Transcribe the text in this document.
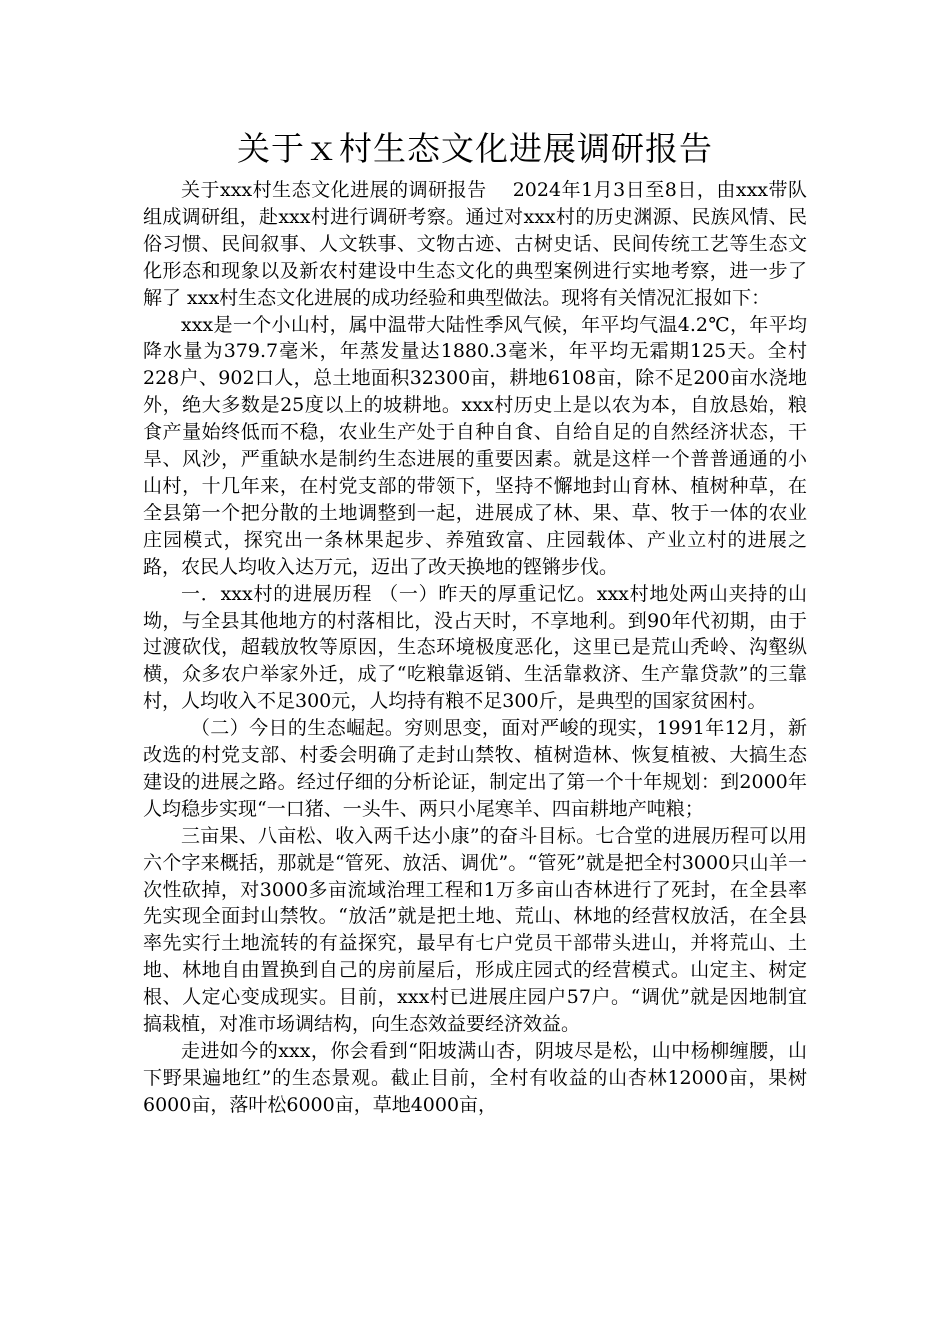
关于ｘ村生态文化进展调研报告

关于xxx村生态文化进展的调研报告　 2024年1月3日至8日，由xxx带队组成调研组，赴xxx村进行调研考察。通过对xxx村的历史渊源、民族风情、民俗习惯、民间叙事、人文轶事、文物古迹、古树史话、民间传统工艺等生态文化形态和现象以及新农村建设中生态文化的典型案例进行实地考察，进一步了解了 xxx村生态文化进展的成功经验和典型做法。现将有关情况汇报如下：

xxx是一个小山村，属中温带大陆性季风气候，年平均气温4.2℃，年平均降水量为379.7毫米，年蒸发量达1880.3毫米，年平均无霜期125天。全村228户、902口人，总土地面积32300亩，耕地6108亩，除不足200亩水浇地外，绝大多数是25度以上的坡耕地。xxx村历史上是以农为本，自放恳始，粮食产量始终低而不稳，农业生产处于自种自食、自给自足的自然经济状态，干旱、风沙，严重缺水是制约生态进展的重要因素。就是这样一个普普通通的小山村，十几年来，在村党支部的带领下，坚持不懈地封山育林、植树种草，在全县第一个把分散的土地调整到一起，进展成了林、果、草、牧于一体的农业庄园模式，探究出一条林果起步、养殖致富、庄园载体、产业立村的进展之路，农民人均收入达万元，迈出了改天换地的铿锵步伐。

一．xxx村的进展历程 （一）昨天的厚重记忆。xxx村地处两山夹持的山坳，与全县其他地方的村落相比，没占天时，不享地利。到90年代初期，由于过渡砍伐，超载放牧等原因，生态环境极度恶化，这里已是荒山秃岭、沟壑纵横，众多农户举家外迁，成了“吃粮靠返销、生活靠救济、生产靠贷款”的三靠村，人均收入不足300元，人均持有粮不足300斤，是典型的国家贫困村。

　（二）今日的生态崛起。穷则思变，面对严峻的现实，1991年12月，新改选的村党支部、村委会明确了走封山禁牧、植树造林、恢复植被、大搞生态建设的进展之路。经过仔细的分析论证，制定出了第一个十年规划：到2000年人均稳步实现“一口猪、一头牛、两只小尾寒羊、四亩耕地产吨粮；

三亩果、八亩松、收入两千达小康”的奋斗目标。七合堂的进展历程可以用六个字来概括，那就是“管死、放活、调优”。“管死”就是把全村3000只山羊一次性砍掉，对3000多亩流域治理工程和1万多亩山杏林进行了死封，在全县率先实现全面封山禁牧。“放活”就是把土地、荒山、林地的经营权放活，在全县率先实行土地流转的有益探究，最早有七户党员干部带头进山，并将荒山、土地、林地自由置换到自己的房前屋后，形成庄园式的经营模式。山定主、树定根、人定心变成现实。目前，xxx村已进展庄园户57户。“调优”就是因地制宜搞栽植，对准市场调结构，向生态效益要经济效益。

走进如今的xxx，你会看到“阳坡满山杏，阴坡尽是松，山中杨柳缠腰，山下野果遍地红”的生态景观。截止目前，全村有收益的山杏林12000亩，果树6000亩，落叶松6000亩，草地4000亩，
